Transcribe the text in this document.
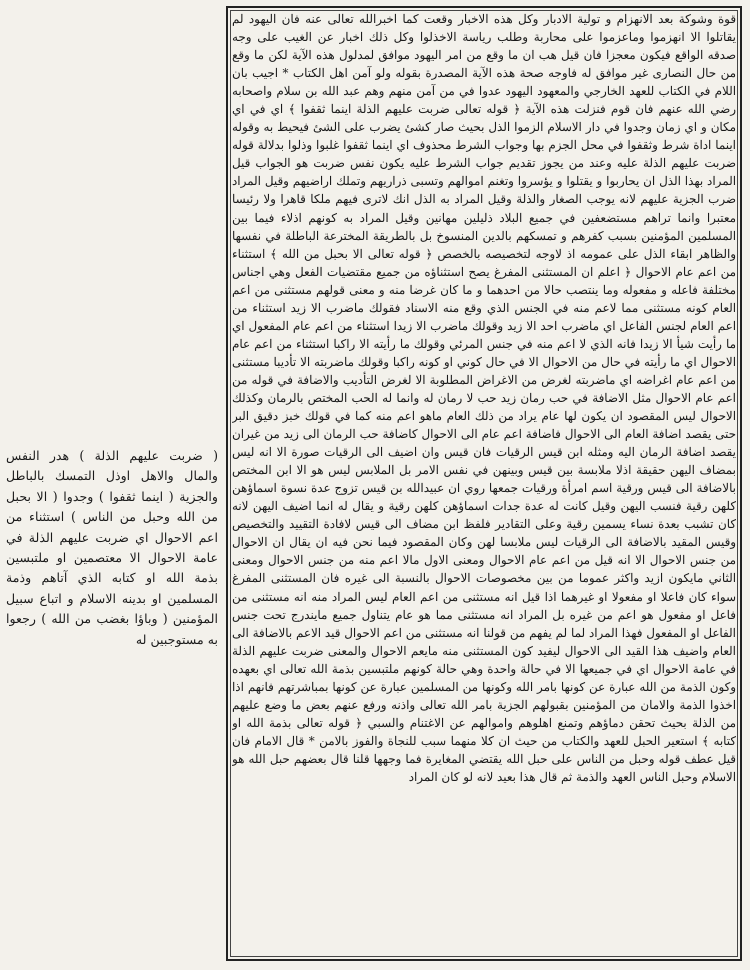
قوة وشوكة بعد الانهزام و تولية الادبار وكل هذه الاخبار وقعت كما اخبرالله تعالى عنه فان اليهود لم يقاتلوا الا انهزموا وماعزموا على محاربة وطلب رياسة الاخذلوا وكل ذلك اخبار عن الغيب على وجه صدقه الواقع فيكون معجزا فان قيل هب ان ما وقع من امر اليهود موافق لمدلول هذه الآية لكن ما وقع من حال النصارى غير موافق له فاوجه صحة هذه الآية المصدرة بقوله ولو آمن اهل الكتاب * اجيب بان اللام في الكتاب للعهد الخارجي والمعهود اليهود عدوا في من آمن منهم وهم عبد الله بن سلام واصحابه رضي الله عنهم فان قوم فنزلت هذه الآية ﴿ قوله تعالى ضربت عليهم الذلة اينما ثقفوا ﴾ اي في اي مكان و اي زمان وجدوا في دار الاسلام الزموا الذل بحيث صار كشئ يضرب على الشئ فيحيط به وقوله اينما اداة شرط وثقفوا في محل الجزم بها وجواب الشرط محذوف اي اينما ثقفوا غلبوا وذلوا بدلالة قوله ضربت عليهم الذلة عليه وعند من يجوز تقديم جواب الشرط عليه يكون نفس ضربت هو الجواب قيل المراد بهذا الذل ان يحاربوا و يقتلوا و يؤسروا وتغنم اموالهم وتسبى ذراريهم وتملك اراضيهم وقيل المراد ضرب الجزية عليهم لانه يوجب الصغار والذلة وقيل المراد به الذل انك لاترى فيهم ملكا قاهرا ولا رئيسا معتبرا وانما تراهم مستضعفين في جميع البلاد ذليلين مهانين وقيل المراد به كونهم اذلاء فيما بين المسلمين المؤمنين بسبب كفرهم و تمسكهم بالدين المنسوخ بل بالطريقة المخترعة الباطلة في نفسها والظاهر ابقاء الذل على عمومه اذ لاوجه لتخصيصه بالخصص ﴿ قوله تعالى الا بحبل من الله ﴾ استثناء من اعم عام الاحوال ﴿ اعلم ان المستثنى المفرغ يصح استثناؤه من جميع مقتضيات الفعل وهي اجناس مختلفة فاعله و مفعوله وما ينتصب حالا من احدهما و ما كان غرضا منه و معنى قولهم مستثنى من اعم العام كونه مستثنى مما لاعم منه في الجنس الذي وقع منه الاسناد فقولك ماضرب الا زيد استثناء من اعم العام لجنس الفاعل اي ماضرب احد الا زيد وقولك ماضرب الا زيدا استثناء من اعم عام المفعول اي ما رأيت شيأ الا زيدا فانه الذي لا اعم منه في جنس المرئي وقولك ما رأيته الا راكبا استثناء من اعم عام الاحوال اي ما رأيته في حال من الاحوال الا في حال كوني او كونه راكبا وقولك ماضربته الا تأديبا مستثنى من اعم عام اغراضه اي ماضربته لغرض من الاغراض المطلوبة الا لغرض التأديب والاضافة في قوله من اعم عام الاحوال مثل الاضافة في حب رمان زيد حب لا رمان له وانما له الحب المختص بالرمان وكذلك الاحوال ليس المقصود ان يكون لها عام يراد من ذلك العام ماهو اعم منه كما في قولك خبز دقيق البر حتى يقصد اضافة العام الى الاحوال فاضافة اعم عام الى الاحوال كاضافة حب الرمان الى زيد من غيران يقصد اضافة الرمان اليه ومثله ابن قيس الرقيات فان قيس وان اضيف الى الرقيات صورة الا انه ليس بمضاف اليهن حقيقة اذلا ملابسة بين قيس وبينهن في نفس الامر بل الملابس ليس هو الا ابن المختص بالاضافة الى قيس ورقية اسم امرأة ورقيات جمعها روي ان عبيدالله بن قيس تزوج عدة نسوة اسماؤهن كلهن رقية فنسب اليهن وقيل كانت له عدة جدات اسماؤهن كلهن رقية و يقال له انما اضيف اليهن لانه كان تشبب بعدة نساء يسمين رقية وعلى التقادير فلفظ ابن مضاف الى قيس لافادة التقييد والتخصيص وقيس المقيد بالاضافة الى الرقيات ليس ملابسا لهن وكان المقصود فيما نحن فيه ان يقال ان الاحوال من جنس الاحوال الا انه قيل من اعم عام الاحوال ومعنى الاول مالا اعم منه من جنس الاحوال ومعنى الثاني مايكون ازيد واكثر عموما من بين مخصوصات الاحوال بالنسبة الى غيره فان المستثنى المفرغ سواء كان فاعلا او مفعولا او غيرهما اذا قيل انه مستثنى من اعم العام ليس المراد منه انه مستثنى من فاعل او مفعول هو اعم من غيره بل المراد انه مستثنى مما هو عام يتناول جميع مايندرج تحت جنس الفاعل او المفعول فهذا المراد لما لم يفهم من قولنا انه مستثنى من اعم الاحوال قيد الاعم بالاضافة الى العام واضيف هذا القيد الى الاحوال ليفيد كون المستثنى منه مايعم الاحوال والمعنى ضربت عليهم الذلة في عامة الاحوال اي في جميعها الا في حالة واحدة وهي حالة كونهم ملتبسين بذمة الله تعالى اي بعهده وكون الذمة من الله عبارة عن كونها بامر الله وكونها من المسلمين عبارة عن كونها بمباشرتهم فانهم اذا اخذوا الذمة والامان من المؤمنين بقبولهم الجزية بامر الله تعالى واذنه ورفع عنهم بعض ما وضع عليهم من الذلة بحيث تحقن دماؤهم وتمنع اهلوهم واموالهم عن الاغتنام والسبي ﴿ قوله تعالى بذمة الله او كتابه ﴾ استعير الحبل للعهد والكتاب من حيث ان كلا منهما سبب للنجاة والفوز بالامن * قال الامام فان قيل عطف قوله وحبل من الناس على حبل الله يقتضي المغايرة فما وجهها قلنا قال بعضهم حبل الله هو الاسلام وحبل الناس العهد والذمة ثم قال هذا بعيد لانه لو كان المراد

( ضربت عليهم الذلة ) هدر النفس والمال والاهل اوذل التمسك بالباطل والجزية ( اينما ثقفوا ) وجدوا ( الا بحبل من الله وحبل من الناس ) استثناء من اعم الاحوال اي ضربت عليهم الذلة في عامة الاحوال الا معتصمين او ملتبسين بذمة الله او كتابه الذي آتاهم وذمة المسلمين او بدينه الاسلام و اتباع سبيل المؤمنين ( وباؤا بغضب من الله ) رجعوا به مستوجبين له
